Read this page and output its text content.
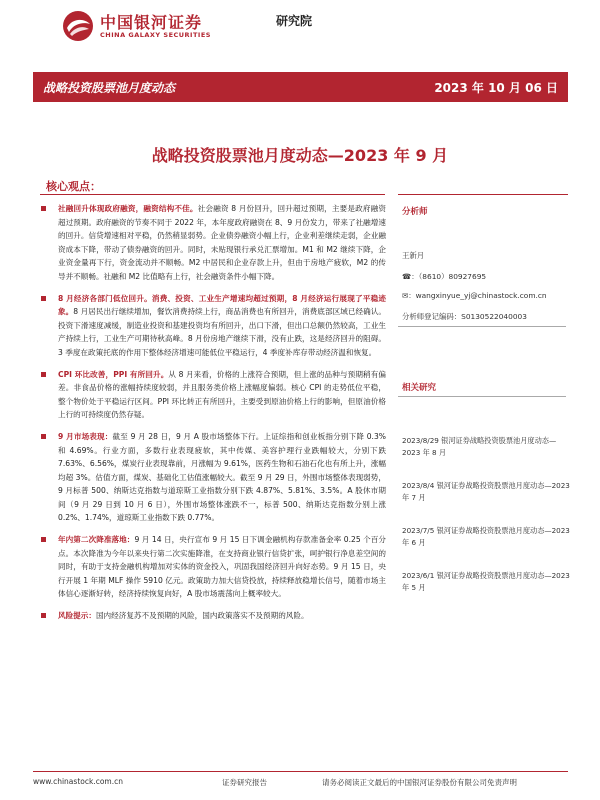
中国银河证券
CHINA GALAXY SECURITIES
研究院
战略投资股票池月度动态	2023 年 10 月 06 日
战略投资股票池月度动态—2023 年 9 月
核心观点：

社融回升体现政府融资，融资结构不佳。社会融资 8 月份回升，回升超过预期，主要是政府融资超过预期。政府融资的节奏不同于 2022 年，本年度政府融资在 8、9 月份发力，带来了社融增速的回升。信贷增速相对平稳，仍然稍显弱势。企业债券融资小幅上行，企业利差继续走弱，企业融资成本下降，带动了债券融资的回升。同时，未贴现银行承兑汇票增加。M1 和 M2 继续下降，企业资金量再下行，资金流动并不顺畅。M2 中居民和企业存款上升，但由于房地产疲软，M2 的传导并不顺畅。社融和 M2 比值略有上行，社会融资条件小幅下降。

8 月经济各部门低位回升。消费、投资、工业生产增速均超过预期，8 月经济运行展现了平稳迹象。8 月居民出行继续增加，餐饮消费持续上行，商品消费也有所回升，消费底部区域已经确认。投资下滑速度减缓，制造业投资和基建投资均有所回升，出口下滑，但出口总额仍然较高，工业生产持续上行，工业生产可期待秋高峰。8 月份房地产继续下滑，没有止跌，这是经济回升的阻碍。3 季度在政策托底的作用下整体经济增速可能低位平稳运行，4 季度补库存带动经济温和恢复。

CPI 环比改善，PPI 有所回升。从 8 月来看，价格的上涨符合预期，但上涨的品种与预期稍有偏差。非食品价格的涨幅持续度较弱，并且服务类价格上涨幅度偏弱。核心 CPI 的走势低位平稳，整个物价处于平稳运行区间。PPI 环比转正有所回升，主要受到原油价格上行的影响，但原油价格上行的可持续度仍然存疑。

9 月市场表现：截至 9 月 28 日，9 月 A 股市场整体下行。上证综指和创业板指分别下降 0.3%和 4.69%。行业方面，多数行业表现疲软，其中传媒、美容护理行业跌幅较大，分别下跌 7.63%、6.56%，煤炭行业表现靠前，月涨幅为 9.61%，医药生物和石油石化也有所上升，涨幅均超 3%。估值方面，煤炭、基础化工估值涨幅较大。截至 9 月 29 日，外围市场整体表现弱势，9 月标普 500、纳斯达克指数与道琼斯工业指数分别下跌 4.87%、5.81%、3.5%。A 股休市期间（9 月 29 日到 10 月 6 日），外围市场整体涨跌不一，标普 500、纳斯达克指数分别上涨 0.2%、1.74%，道琼斯工业指数下跌 0.77%。

年内第二次降准落地：9 月 14 日，央行宣布 9 月 15 日下调金融机构存款准备金率 0.25 个百分点。本次降准为今年以来央行第二次实施降准，在支持商业银行信贷扩张，呵护银行净息差空间的同时，有助于支持金融机构增加对实体的资金投入，巩固我国经济回升向好态势。9 月 15 日，央行开展 1 年期 MLF 操作 5910 亿元。政策助力加大信贷投放，持续释放稳增长信号，随着市场主体信心逐渐好转，经济持续恢复向好，A 股市场震荡向上概率较大。

风险提示：国内经济复苏不及预期的风险，国内政策落实不及预期的风险。

分析师
王新月
☎：（8610）80927695
✉：wangxinyue_yj@chinastock.com.cn
分析师登记编码：S0130522040003
相关研究
2023/8/29 银河证券战略投资股票池月度动态—2023 年 8 月
2023/8/4 银河证券战略投资股票池月度动态—2023 年 7 月
2023/7/5 银河证券战略投资股票池月度动态—2023 年 6 月
2023/6/1 银河证券战略投资股票池月度动态—2023 年 5 月
www.chinastock.com.cn	证券研究报告	请务必阅读正文最后的中国银河证券股份有限公司免责声明
